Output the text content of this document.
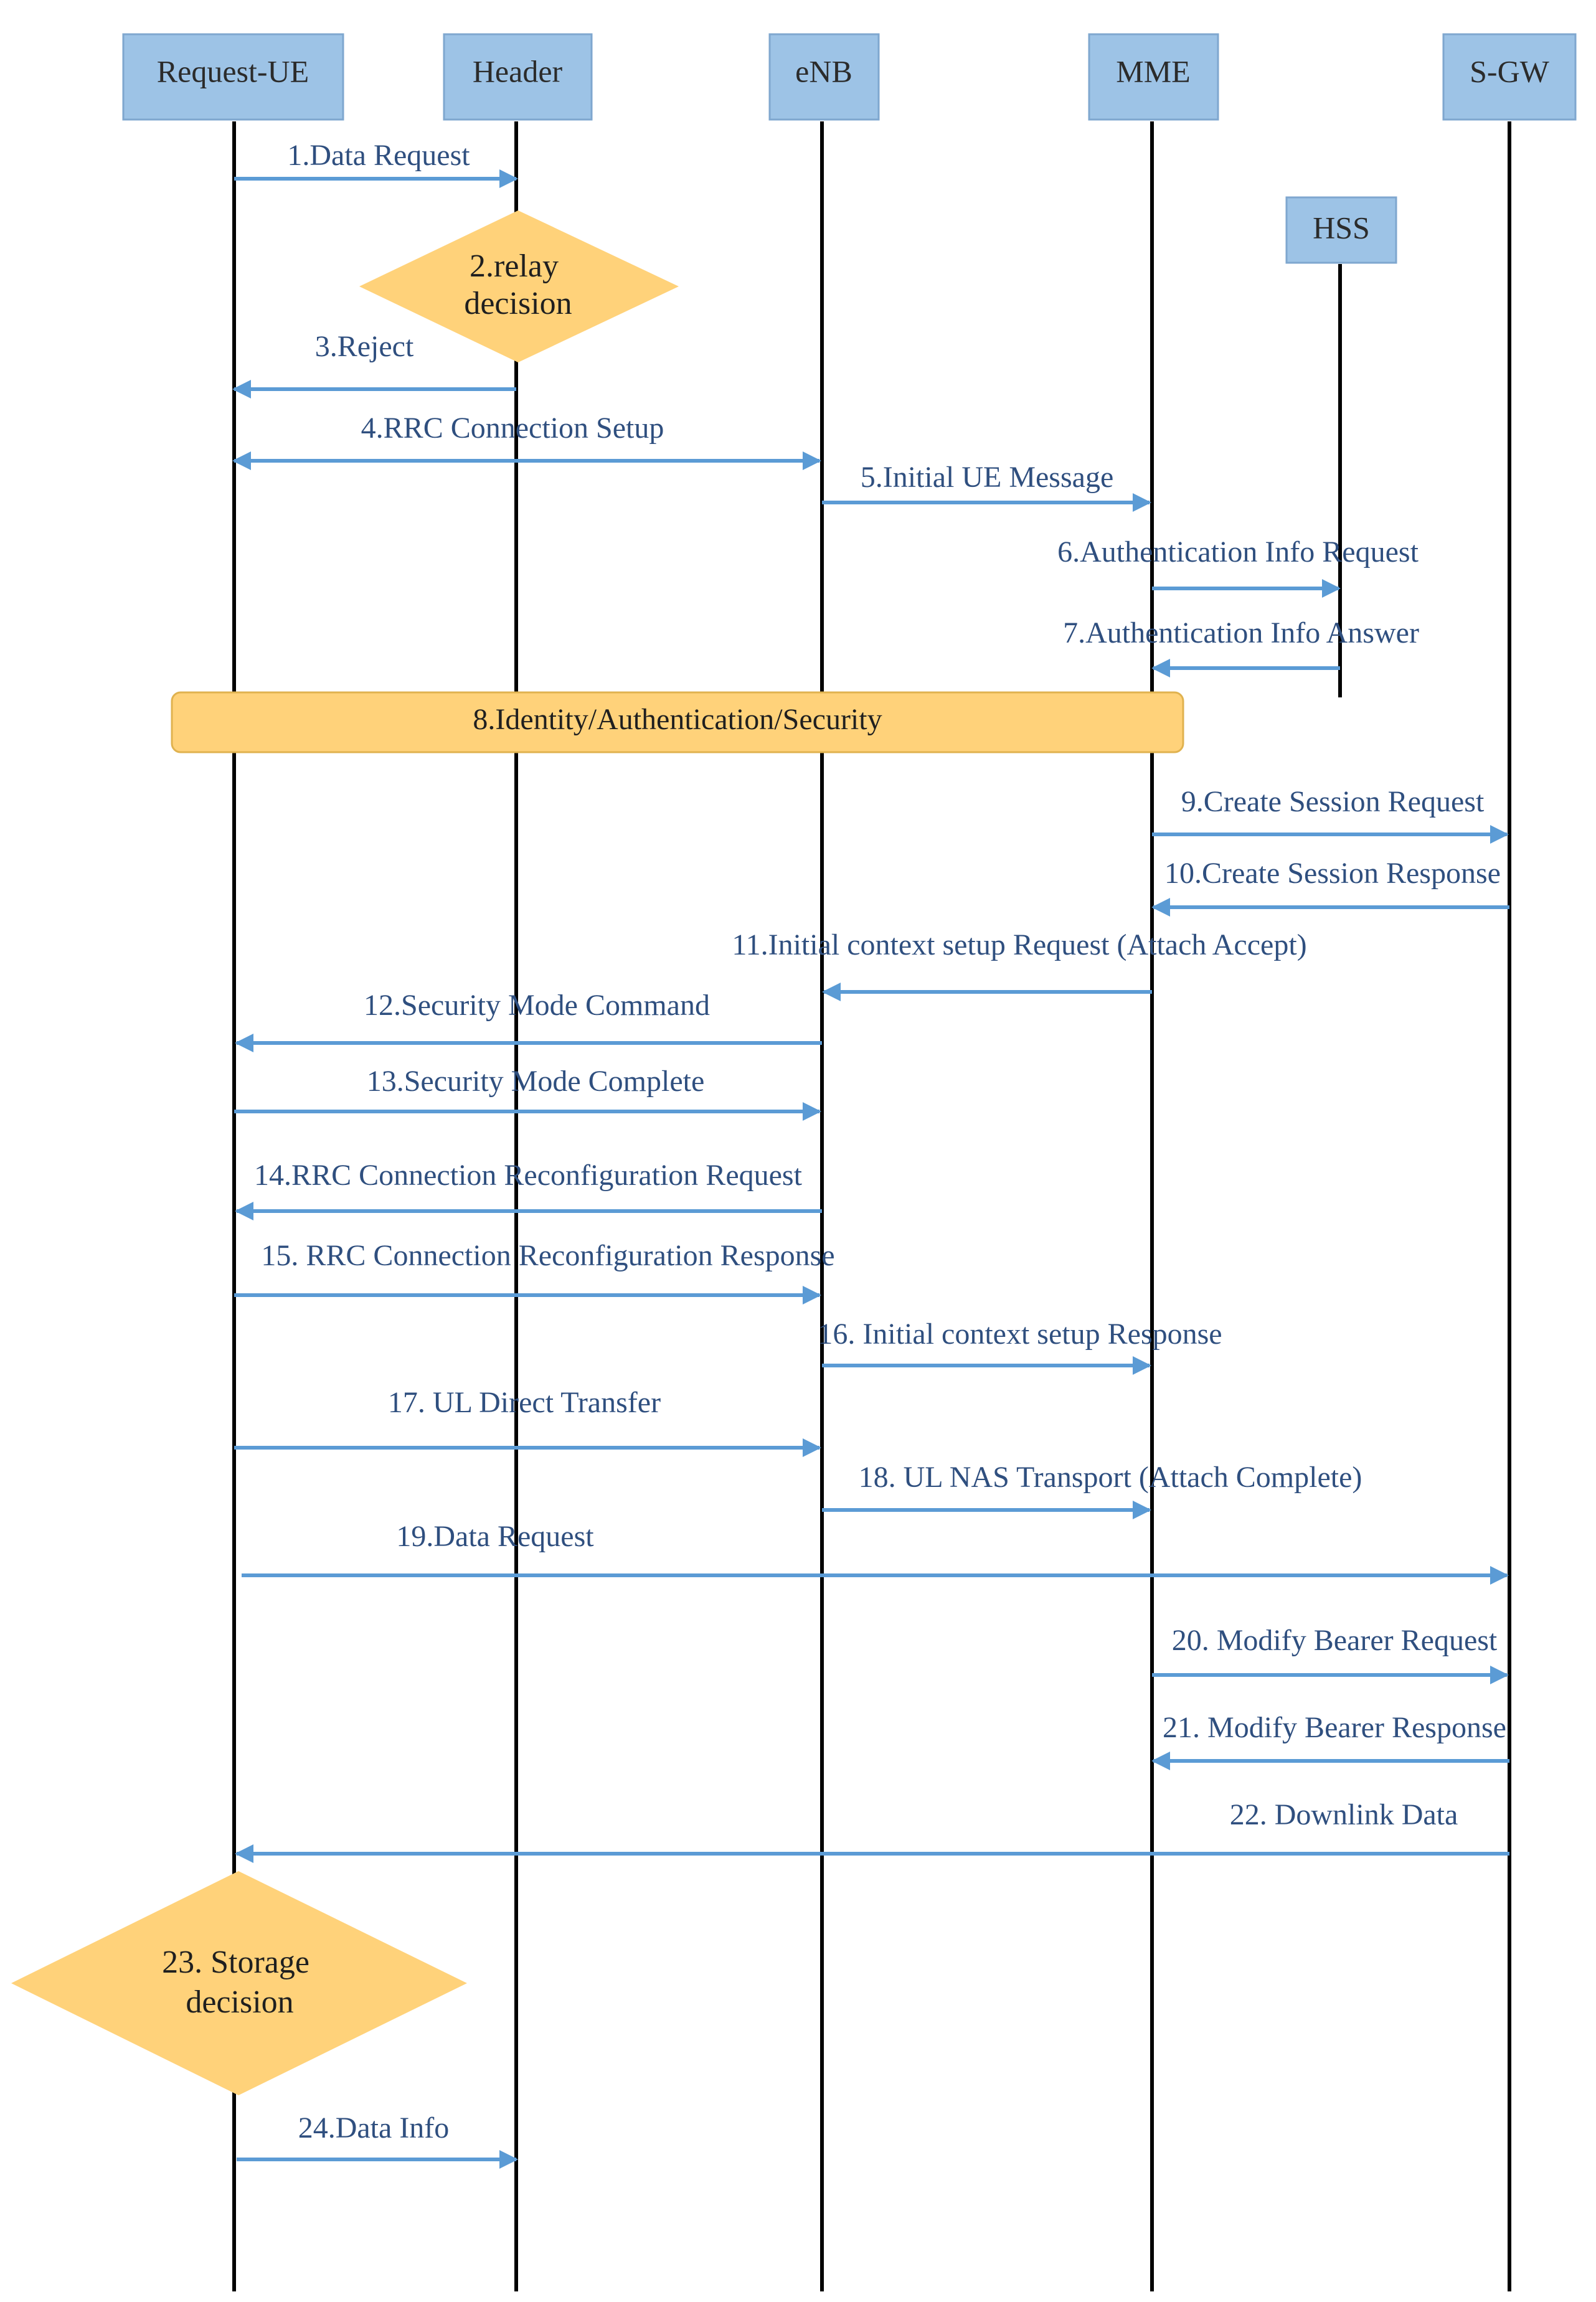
Request-UE	Header	eNB	MME	S-GW
HSS
2.relay decision
8.Identity/Authentication/Security
23. Storage decision
1.Data Request
3.Reject
4.RRC Connection Setup
5.Initial UE Message
6.Authentication Info Request
7.Authentication Info Answer
9.Create Session Request
10.Create Session Response
11.Initial context setup Request (Attach Accept)
12.Security Mode Command
13.Security Mode Complete
14.RRC Connection Reconfiguration Request
15. RRC Connection Reconfiguration Response
16. Initial context setup Response
17. UL Direct Transfer
18. UL NAS Transport (Attach Complete)
19.Data Request
20. Modify Bearer Request
21. Modify Bearer Response
22. Downlink Data
24.Data Info
